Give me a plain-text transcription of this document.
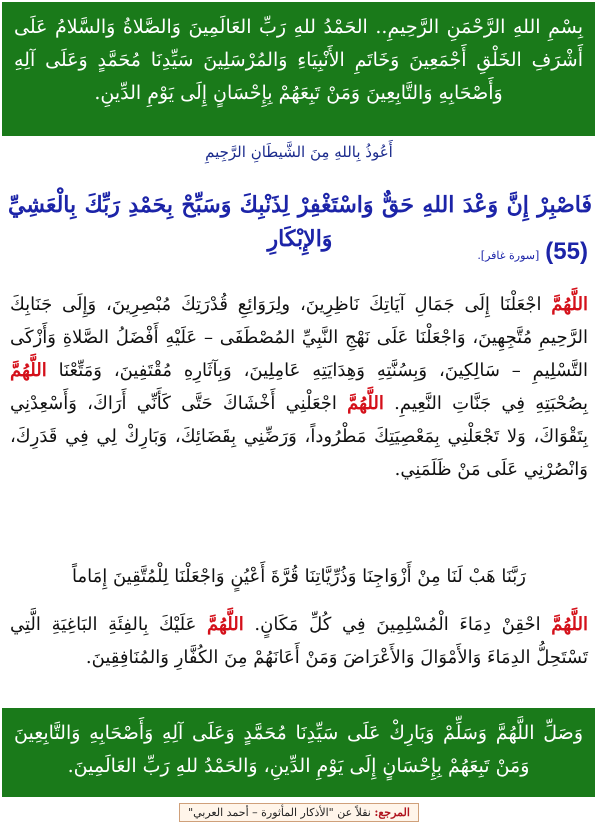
بِسْمِ اللهِ الرَّحْمَنِ الرَّحِيمِ.. الحَمْدُ للهِ رَبِّ العَالَمِينَ وَالصَّلاةُ وَالسَّلامُ عَلَى أَشْرَفِ الخَلْقِ أَجْمَعِينَ وَخَاتَمِ الأَنْبِيَاءِ وَالمُرْسَلِينَ سَيِّدِنَا مُحَمَّدٍ وَعَلَى آلِهِ وَأَصْحَابِهِ وَالتَّابِعِينَ وَمَنْ تَبِعَهُمْ بِإِحْسَانٍ إِلَى يَوْمِ الدِّينِ.
أَعُوذُ بِاللهِ مِنَ الشَّيطَانِ الرَّجِيمِ
فَاصْبِرْ إِنَّ وَعْدَ اللهِ حَقٌّ وَاسْتَغْفِرْ لِذَنْبِكَ وَسَبِّحْ بِحَمْدِ رَبِّكَ بِالْعَشِيِّ وَالإِبْكَارِ	(55)
[سورة غافر].
اللَّهُمَّ اجْعَلْنَا إِلَى جَمَالِ آيَاتِكَ نَاظِرِينَ، ولِرَوَائِعِ قُدْرَتِكَ مُبْصِرِينَ، وَإِلَى جَنَابِكَ الرَّحِيمِ مُتَّجِهِينَ، وَاجْعَلْنَا عَلَى نَهْجِ النَّبِيِّ المُصْطَفَى – عَلَيْهِ أَفْضَلُ الصَّلاةِ وَأَزْكَى التَّسْلِيمِ – سَالِكِينَ، وَبِسُنَّتِهِ وَهِدَايَتِهِ عَامِلِينَ، وَبِآثَارِهِ مُقْتَفِينَ، وَمَتِّعْنَا اللَّهُمَّ بِصُحْبَتِهِ فِي جَنَّاتِ النَّعِيمِ. اللَّهُمَّ اجْعَلْنِي أَخْشَاكَ حَتَّى كَأَنِّي أَرَاكَ، وَأَسْعِدْنِي بِتَقْوَاكَ، وَلا تَجْعَلْنِي بِمَعْصِيَتِكَ مَطْرُوداً، وَرَضِّنِي بِقَضَائِكَ، وَبَارِكْ لِي فِي قَدَرِكَ، وَانْصُرْنِي عَلَى مَنْ ظَلَمَنِي.
رَبَّنَا هَبْ لَنَا مِنْ أَزْوَاجِنَا وَذُرِّيَّاتِنَا قُرَّةَ أَعْيُنٍ وَاجْعَلْنَا لِلْمُتَّقِينَ إِمَاماً
اللَّهُمَّ احْقِنْ دِمَاءَ الْمُسْلِمِينَ فِي كُلِّ مَكَانٍ. اللَّهُمَّ عَلَيْكَ بِالفِئَةِ البَاغِيَةِ الَّتِي تَسْتَحِلُّ الدِمَاءَ وَالأَمْوَالَ وَالأَعْرَاضَ وَمَنْ أَعَانَهُمْ مِنَ الكُفَّارِ وَالمُنَافِقِينَ.
وَصَلِّ اللَّهُمَّ وَسَلِّمْ وَبَارِكْ عَلَى سَيِّدِنَا مُحَمَّدٍ وَعَلَى آلِهِ وَأَصْحَابِهِ وَالتَّابِعِينَ وَمَنْ تَبِعَهُمْ بِإِحْسَانٍ إِلَى يَوْمِ الدِّينِ، وَالحَمْدُ للهِ رَبِّ العَالَمِينَ.
المرجع: نقلاً عن "الأذكار المأثورة – أحمد العربي"
